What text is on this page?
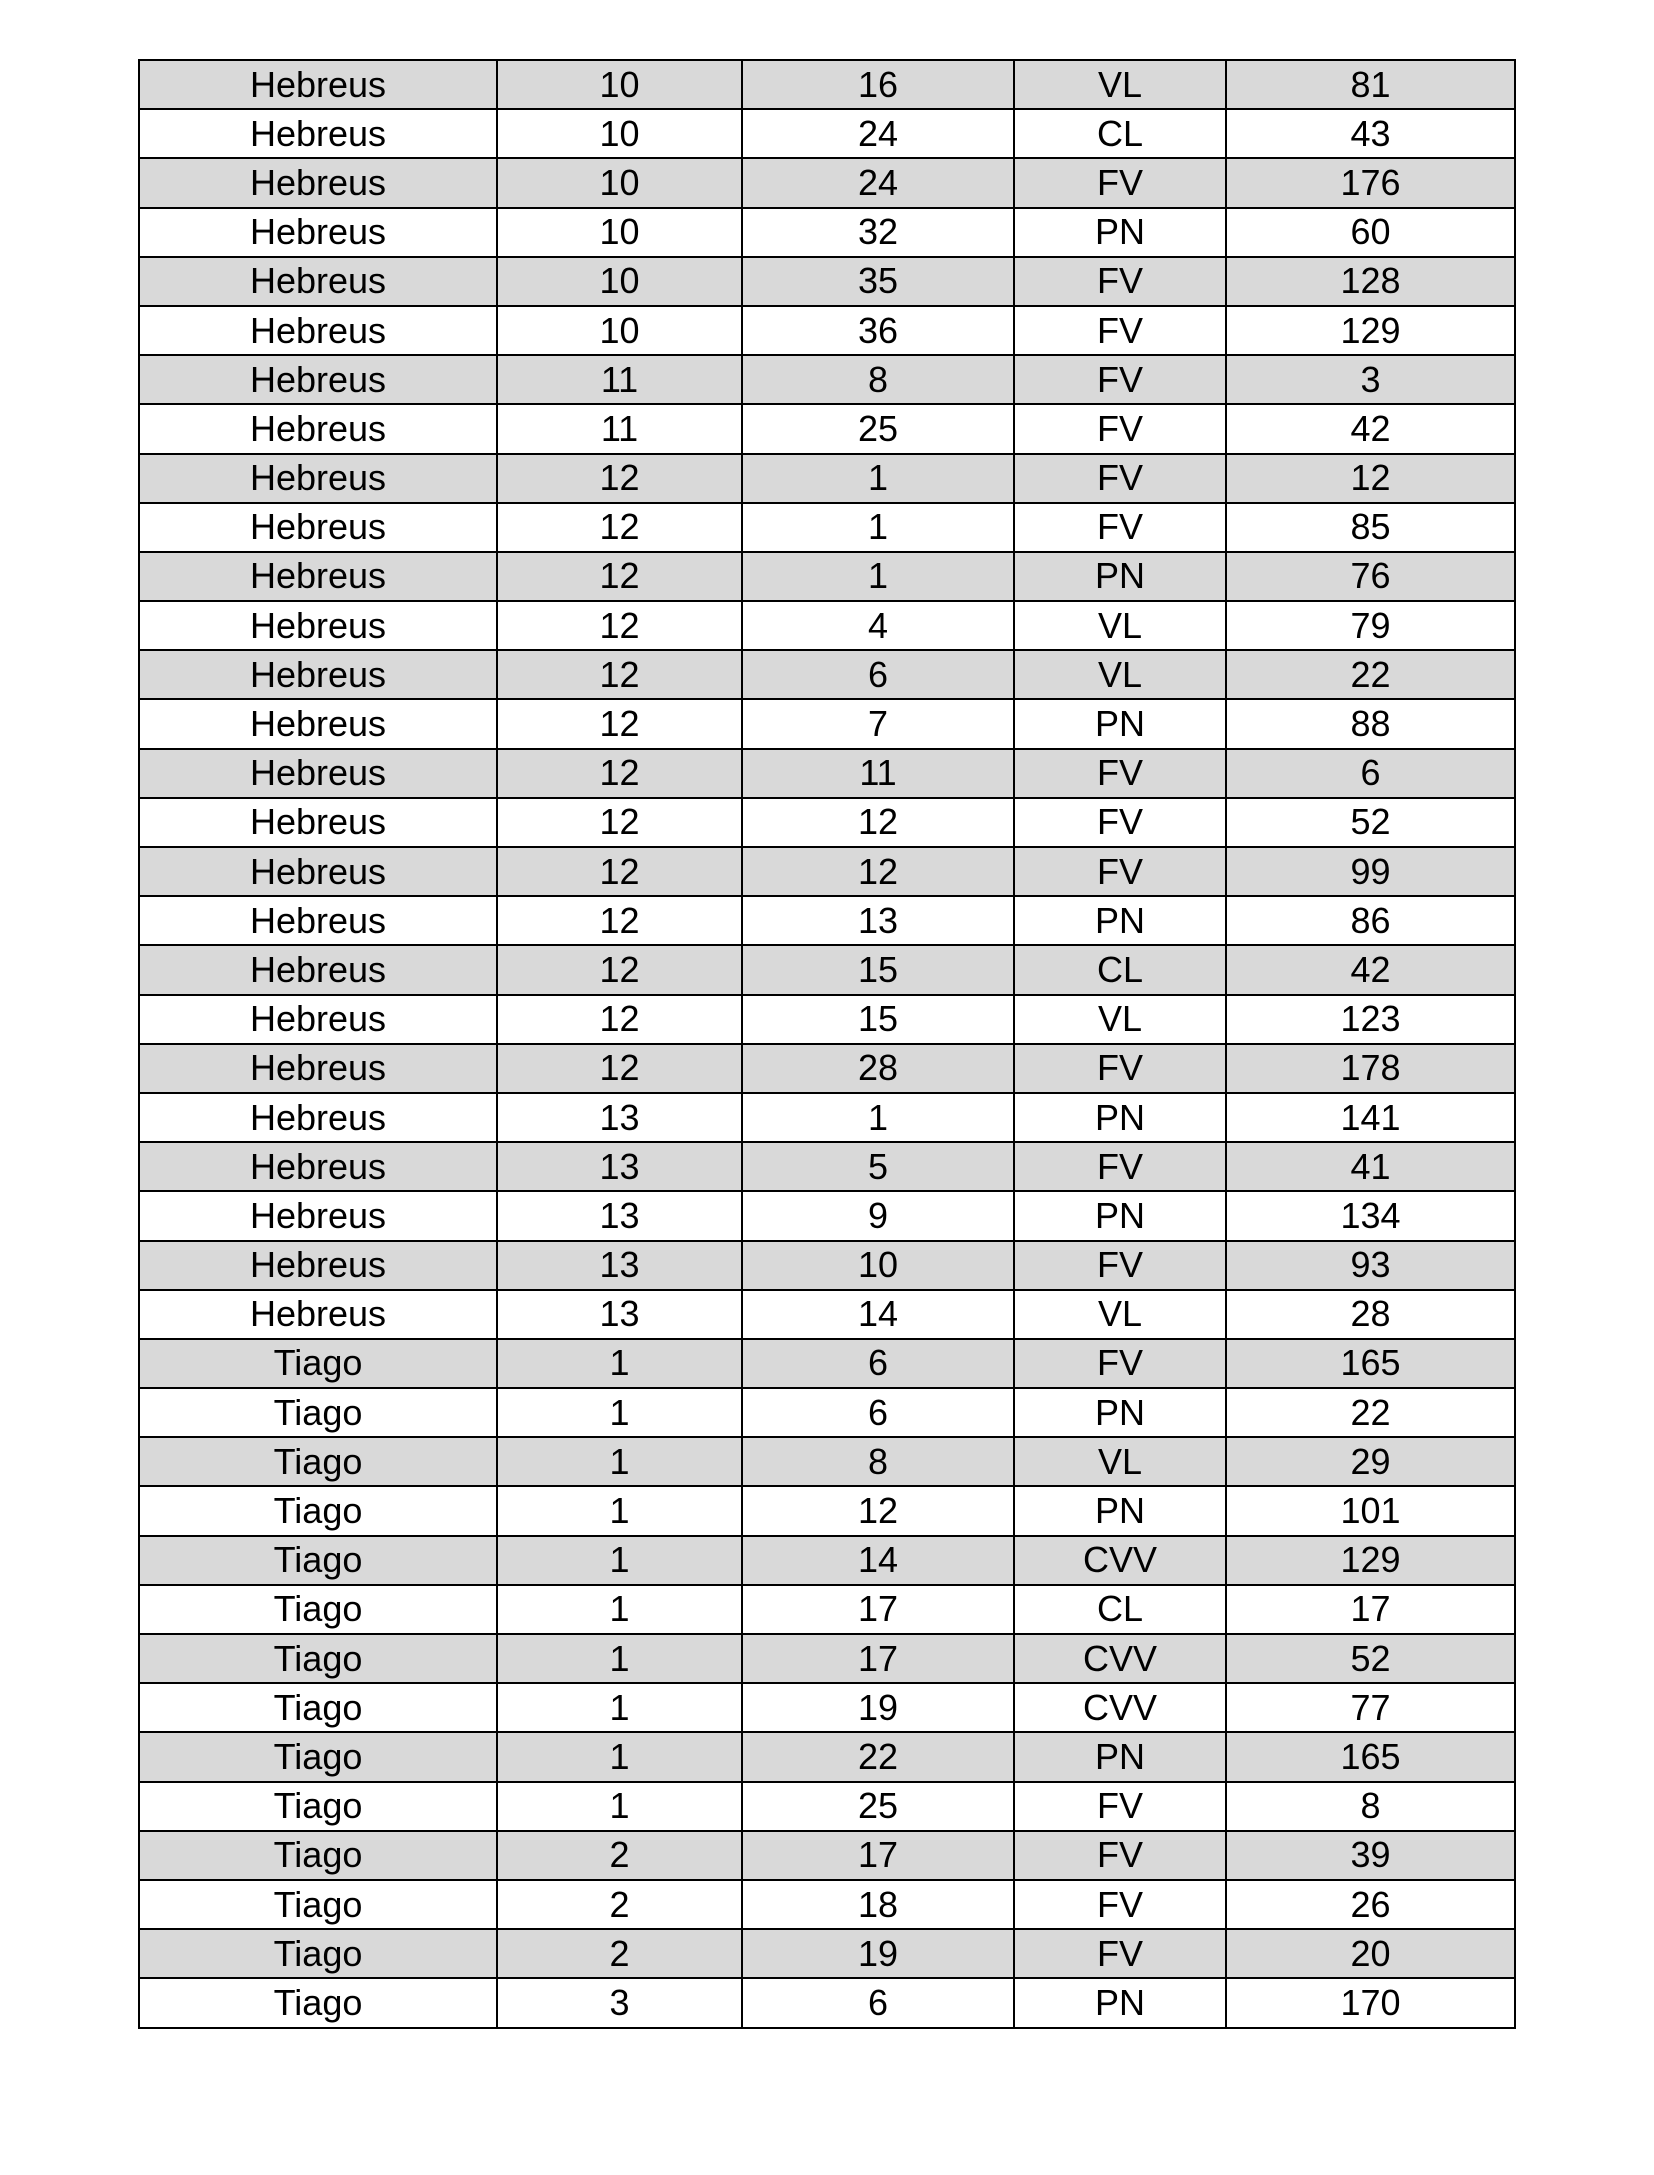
Hebreus	10	16	VL	81
Hebreus	10	24	CL	43
Hebreus	10	24	FV	176
Hebreus	10	32	PN	60
Hebreus	10	35	FV	128
Hebreus	10	36	FV	129
Hebreus	11	8	FV	3
Hebreus	11	25	FV	42
Hebreus	12	1	FV	12
Hebreus	12	1	FV	85
Hebreus	12	1	PN	76
Hebreus	12	4	VL	79
Hebreus	12	6	VL	22
Hebreus	12	7	PN	88
Hebreus	12	11	FV	6
Hebreus	12	12	FV	52
Hebreus	12	12	FV	99
Hebreus	12	13	PN	86
Hebreus	12	15	CL	42
Hebreus	12	15	VL	123
Hebreus	12	28	FV	178
Hebreus	13	1	PN	141
Hebreus	13	5	FV	41
Hebreus	13	9	PN	134
Hebreus	13	10	FV	93
Hebreus	13	14	VL	28
Tiago	1	6	FV	165
Tiago	1	6	PN	22
Tiago	1	8	VL	29
Tiago	1	12	PN	101
Tiago	1	14	CVV	129
Tiago	1	17	CL	17
Tiago	1	17	CVV	52
Tiago	1	19	CVV	77
Tiago	1	22	PN	165
Tiago	1	25	FV	8
Tiago	2	17	FV	39
Tiago	2	18	FV	26
Tiago	2	19	FV	20
Tiago	3	6	PN	170
